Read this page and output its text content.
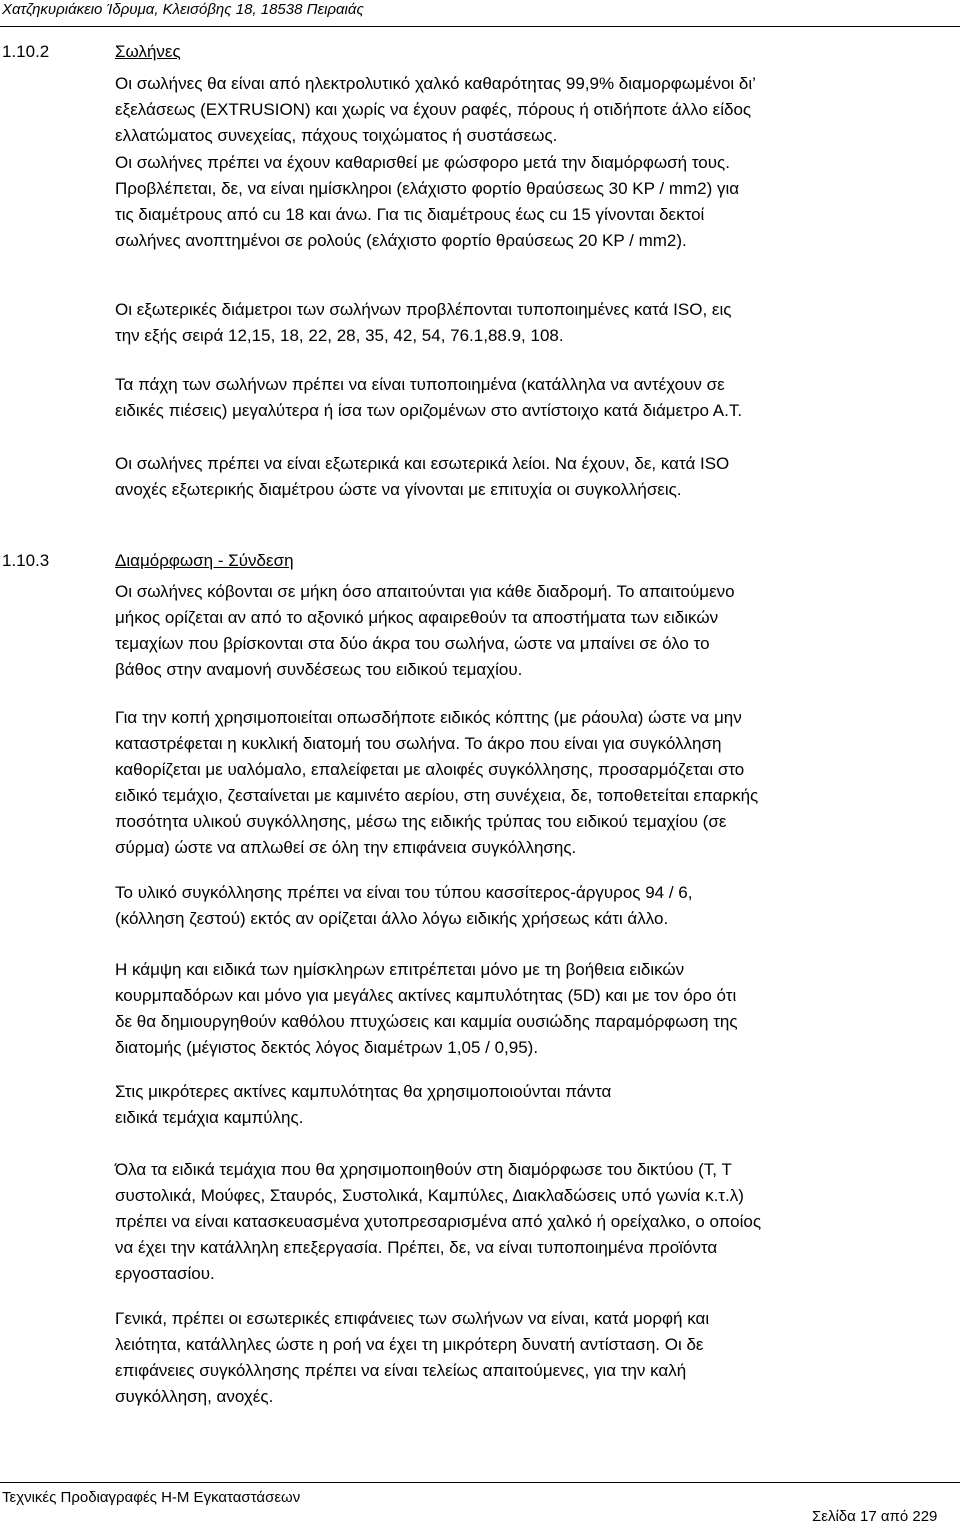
Χατζηκυριάκειο Ίδρυμα, Κλεισόβης 18, 18538 Πειραιάς
1.10.2	Σωλήνες
Οι σωλήνες θα είναι από ηλεκτρολυτικό χαλκό καθαρότητας 99,9% διαμορφωμένοι δι’
εξελάσεως (EXTRUSION) και χωρίς να έχουν ραφές, πόρους ή οτιδήποτε άλλο είδος
ελλατώματος συνεχείας, πάχους τοιχώματος ή συστάσεως.
Οι σωλήνες πρέπει να έχουν καθαρισθεί με φώσφορο μετά την διαμόρφωσή τους.
Προβλέπεται, δε, να είναι ημίσκληροι (ελάχιστο φορτίο θραύσεως 30 KP / mm2) για
τις διαμέτρους από cu 18 και άνω. Για τις διαμέτρους έως cu 15 γίνονται δεκτοί
σωλήνες ανοπτημένοι σε ρολούς (ελάχιστο φορτίο θραύσεως 20 KP / mm2).
Οι εξωτερικές διάμετροι των σωλήνων προβλέπονται τυποποιημένες κατά ISO, εις
την εξής σειρά 12,15, 18, 22, 28, 35, 42, 54, 76.1,88.9, 108.
Τα πάχη των σωλήνων πρέπει να είναι τυποποιημένα (κατάλληλα να αντέχουν σε
ειδικές πιέσεις) μεγαλύτερα ή ίσα των οριζομένων στο αντίστοιχο κατά διάμετρο Α.Τ.
Οι σωλήνες πρέπει να είναι εξωτερικά και εσωτερικά λείοι. Να έχουν, δε, κατά ISO
ανοχές εξωτερικής διαμέτρου ώστε να γίνονται με επιτυχία οι συγκολλήσεις.
1.10.3	Διαμόρφωση - Σύνδεση
Οι σωλήνες κόβονται σε μήκη όσο απαιτούνται για κάθε διαδρομή. Το απαιτούμενο
μήκος ορίζεται αν από το αξονικό μήκος αφαιρεθούν τα αποστήματα των ειδικών
τεμαχίων που βρίσκονται στα δύο άκρα του σωλήνα, ώστε να μπαίνει σε όλο το
βάθος στην αναμονή συνδέσεως του ειδικού τεμαχίου.
Για την κοπή χρησιμοποιείται οπωσδήποτε ειδικός κόπτης (με ράουλα) ώστε να μην
καταστρέφεται η κυκλική διατομή του σωλήνα. Το άκρο που είναι για συγκόλληση
καθορίζεται με υαλόμαλο, επαλείφεται με αλοιφές συγκόλλησης, προσαρμόζεται στο
ειδικό τεμάχιο, ζεσταίνεται με καμινέτο αερίου, στη συνέχεια, δε, τοποθετείται επαρκής
ποσότητα υλικού συγκόλλησης, μέσω της ειδικής τρύπας του ειδικού τεμαχίου (σε
σύρμα) ώστε να απλωθεί σε όλη την επιφάνεια συγκόλλησης.
Το υλικό συγκόλλησης πρέπει να είναι του τύπου κασσίτερος-άργυρος 94 / 6,
(κόλληση ζεστού) εκτός αν ορίζεται άλλο λόγω ειδικής χρήσεως κάτι άλλο.
Η κάμψη και ειδικά των ημίσκληρων επιτρέπεται μόνο με τη βοήθεια ειδικών
κουρμπαδόρων και μόνο για μεγάλες ακτίνες καμπυλότητας (5D) και με τον όρο ότι
δε θα δημιουργηθούν καθόλου πτυχώσεις και καμμία ουσιώδης παραμόρφωση της
διατομής (μέγιστος δεκτός λόγος διαμέτρων 1,05 / 0,95).
Στις μικρότερες ακτίνες καμπυλότητας θα χρησιμοποιούνται πάντα
ειδικά τεμάχια καμπύλης.
Όλα τα ειδικά τεμάχια που θα χρησιμοποιηθούν στη διαμόρφωσε του δικτύου (Τ, Τ
συστολικά, Μούφες, Σταυρός, Συστολικά, Καμπύλες, Διακλαδώσεις υπό γωνία κ.τ.λ)
πρέπει να είναι κατασκευασμένα χυτοπρεσαρισμένα από χαλκό ή ορείχαλκο, ο οποίος
να έχει την κατάλληλη επεξεργασία. Πρέπει, δε, να είναι τυποποιημένα προϊόντα
εργοστασίου.
Γενικά, πρέπει οι εσωτερικές επιφάνειες των σωλήνων να είναι, κατά μορφή και
λειότητα, κατάλληλες ώστε η ροή να έχει τη μικρότερη δυνατή αντίσταση. Οι δε
επιφάνειες συγκόλλησης πρέπει να είναι τελείως απαιτούμενες, για την καλή
συγκόλληση, ανοχές.
Τεχνικές Προδιαγραφές Η-Μ Εγκαταστάσεων
Σελίδα 17 από 229
